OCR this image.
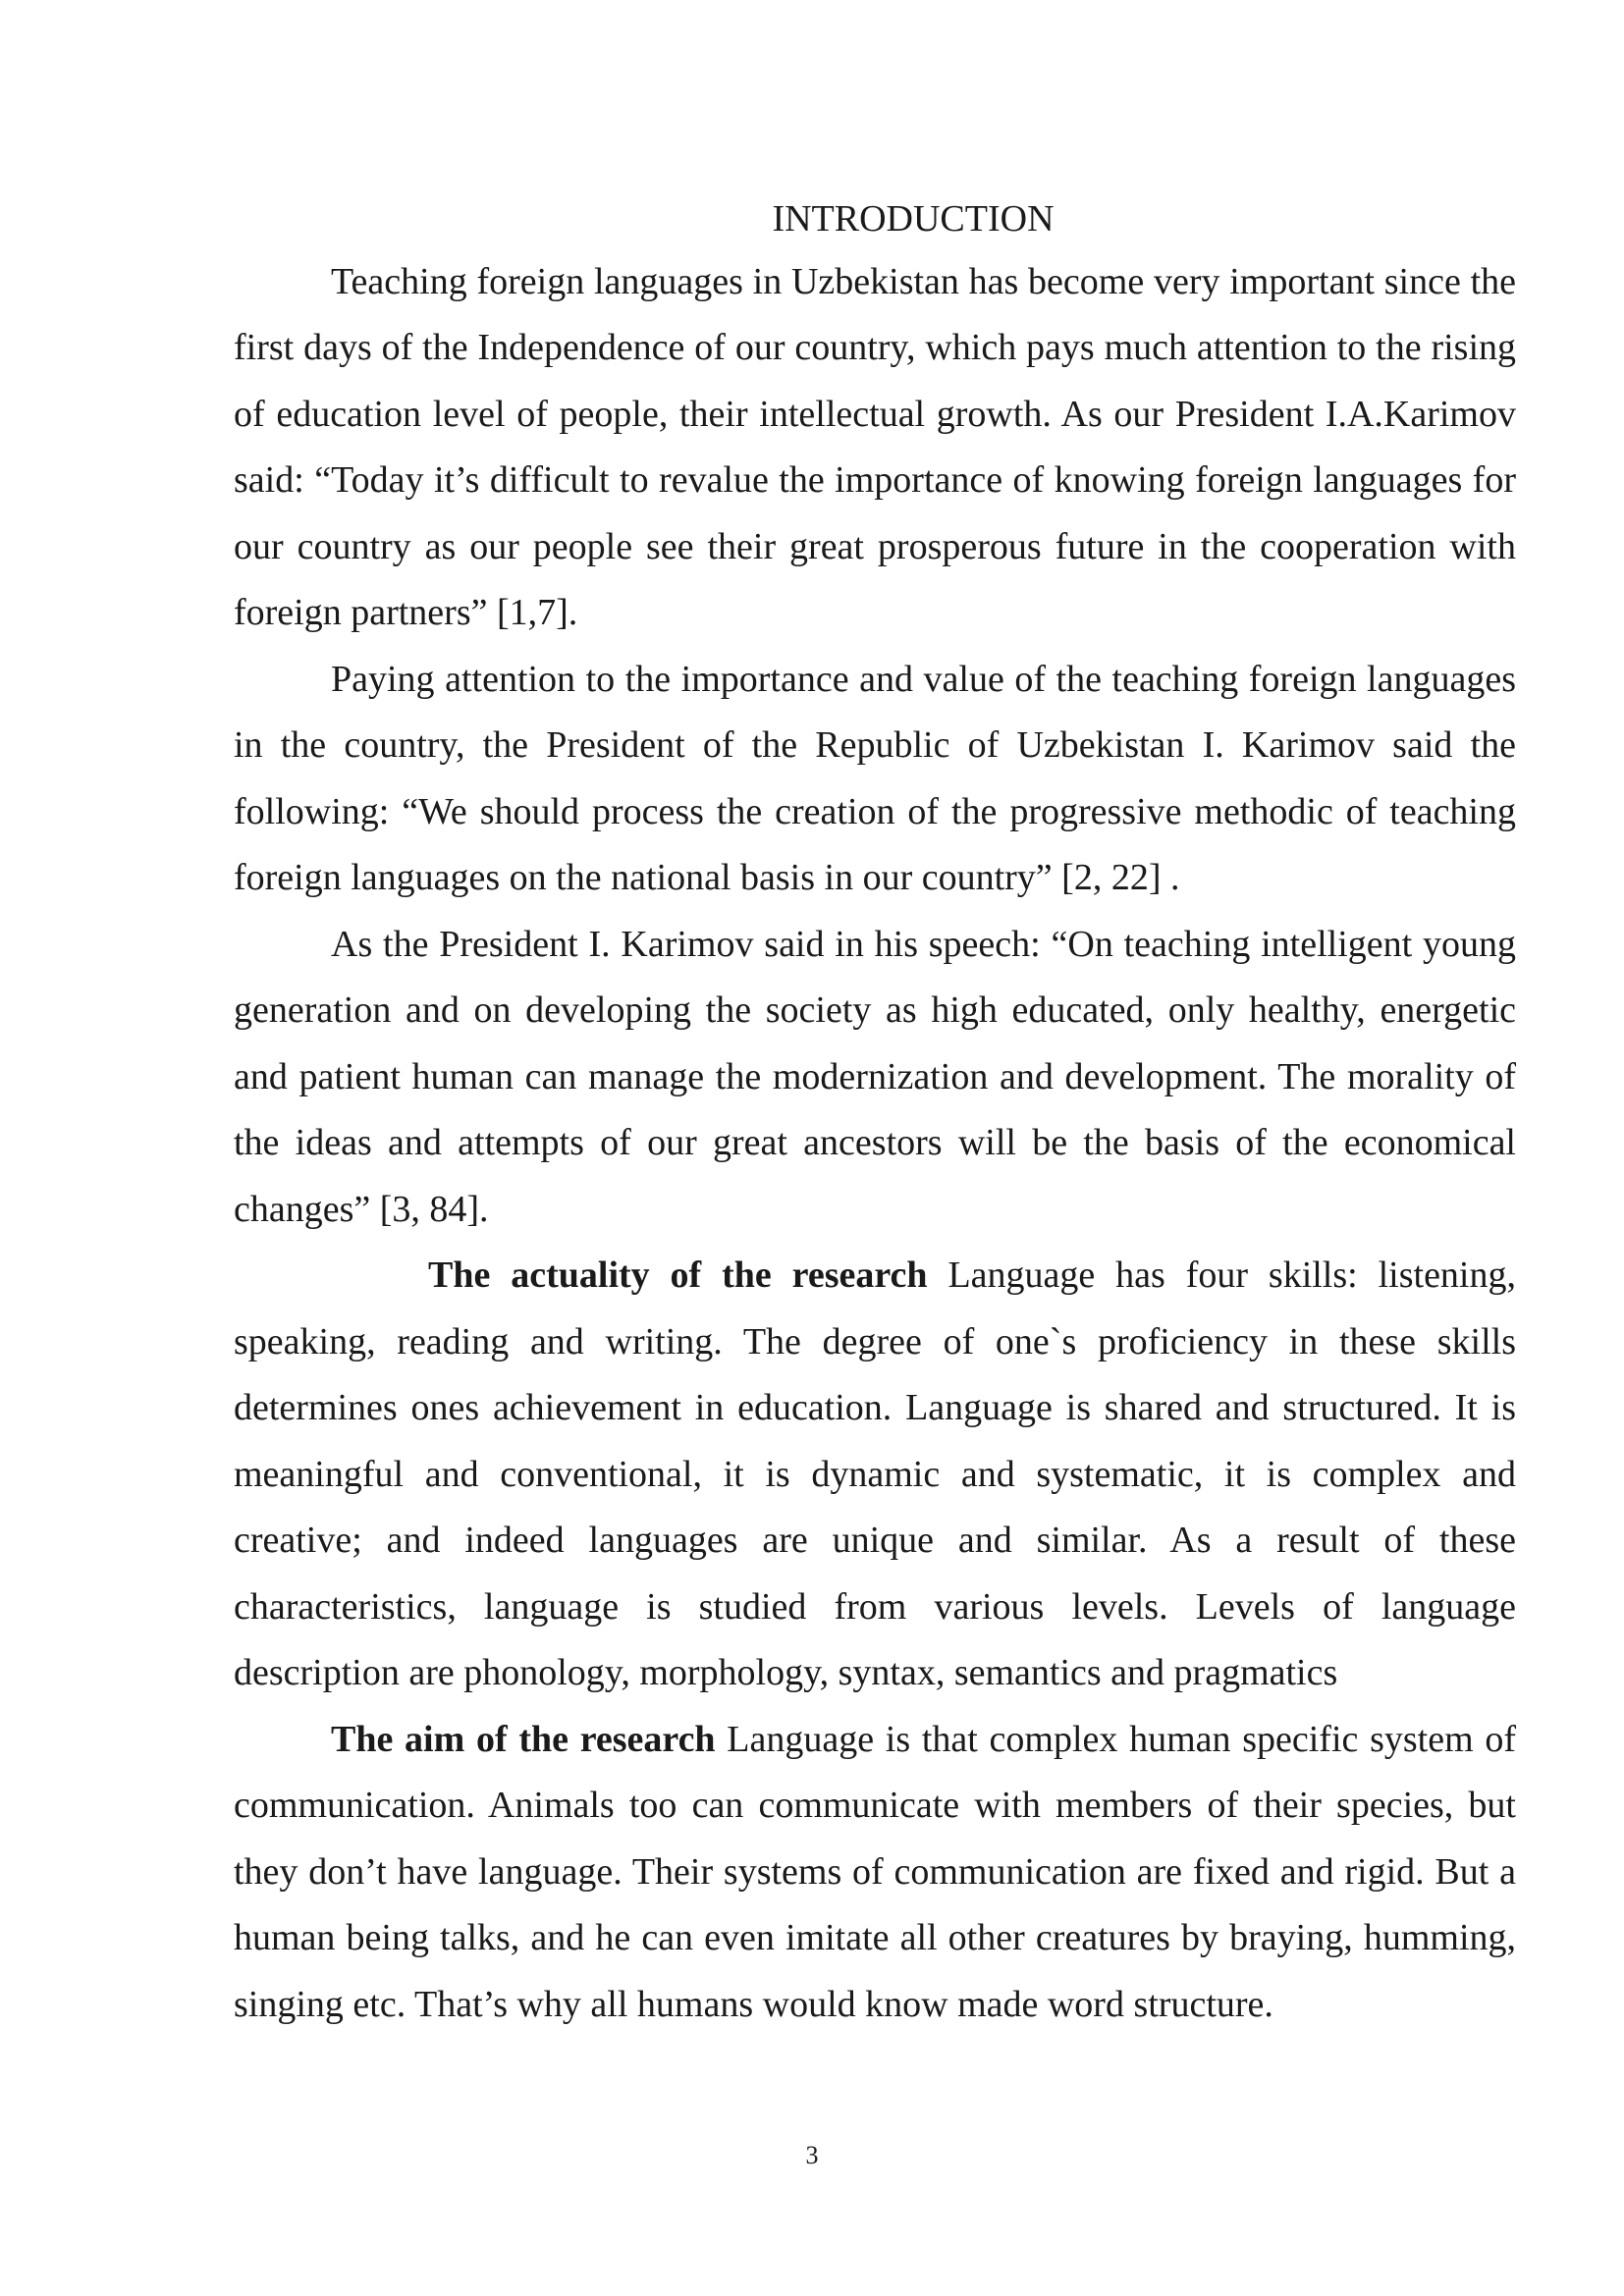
INTRODUCTION

Teaching foreign languages in Uzbekistan has become very important since the first days of the Independence of our country, which pays much attention to the rising of education level of people, their intellectual growth. As our President I.A.Karimov said: “Today it’s difficult to revalue the importance of knowing foreign languages for our country as our people see their great prosperous future in the cooperation with foreign partners” [1,7].

Paying attention to the importance and value of the teaching foreign languages in the country, the President of the Republic of Uzbekistan I. Karimov said the following: “We should process the creation of the progressive methodic of teaching foreign languages on the national basis in our country” [2, 22] .

As the President I. Karimov said in his speech: “On teaching intelligent young generation and on developing the society as high educated, only healthy, energetic and patient human can manage the modernization and development. The morality of the ideas and attempts of our great ancestors will be the basis of the economical changes” [3, 84].

The actuality of the research Language has four skills: listening, speaking, reading and writing. The degree of one`s proficiency in these skills determines ones achievement in education. Language is shared and structured. It is meaningful and conventional, it is dynamic and systematic, it is complex and creative; and indeed languages are unique and similar. As a result of these characteristics, language is studied from various levels. Levels of language description are phonology, morphology, syntax, semantics and pragmatics

The aim of the research Language is that complex human specific system of communication. Animals too can communicate with members of their species, but they don’t have language. Their systems of communication are fixed and rigid. But a human being talks, and he can even imitate all other creatures by braying, humming, singing etc. That’s why all humans would know made word structure.

3
